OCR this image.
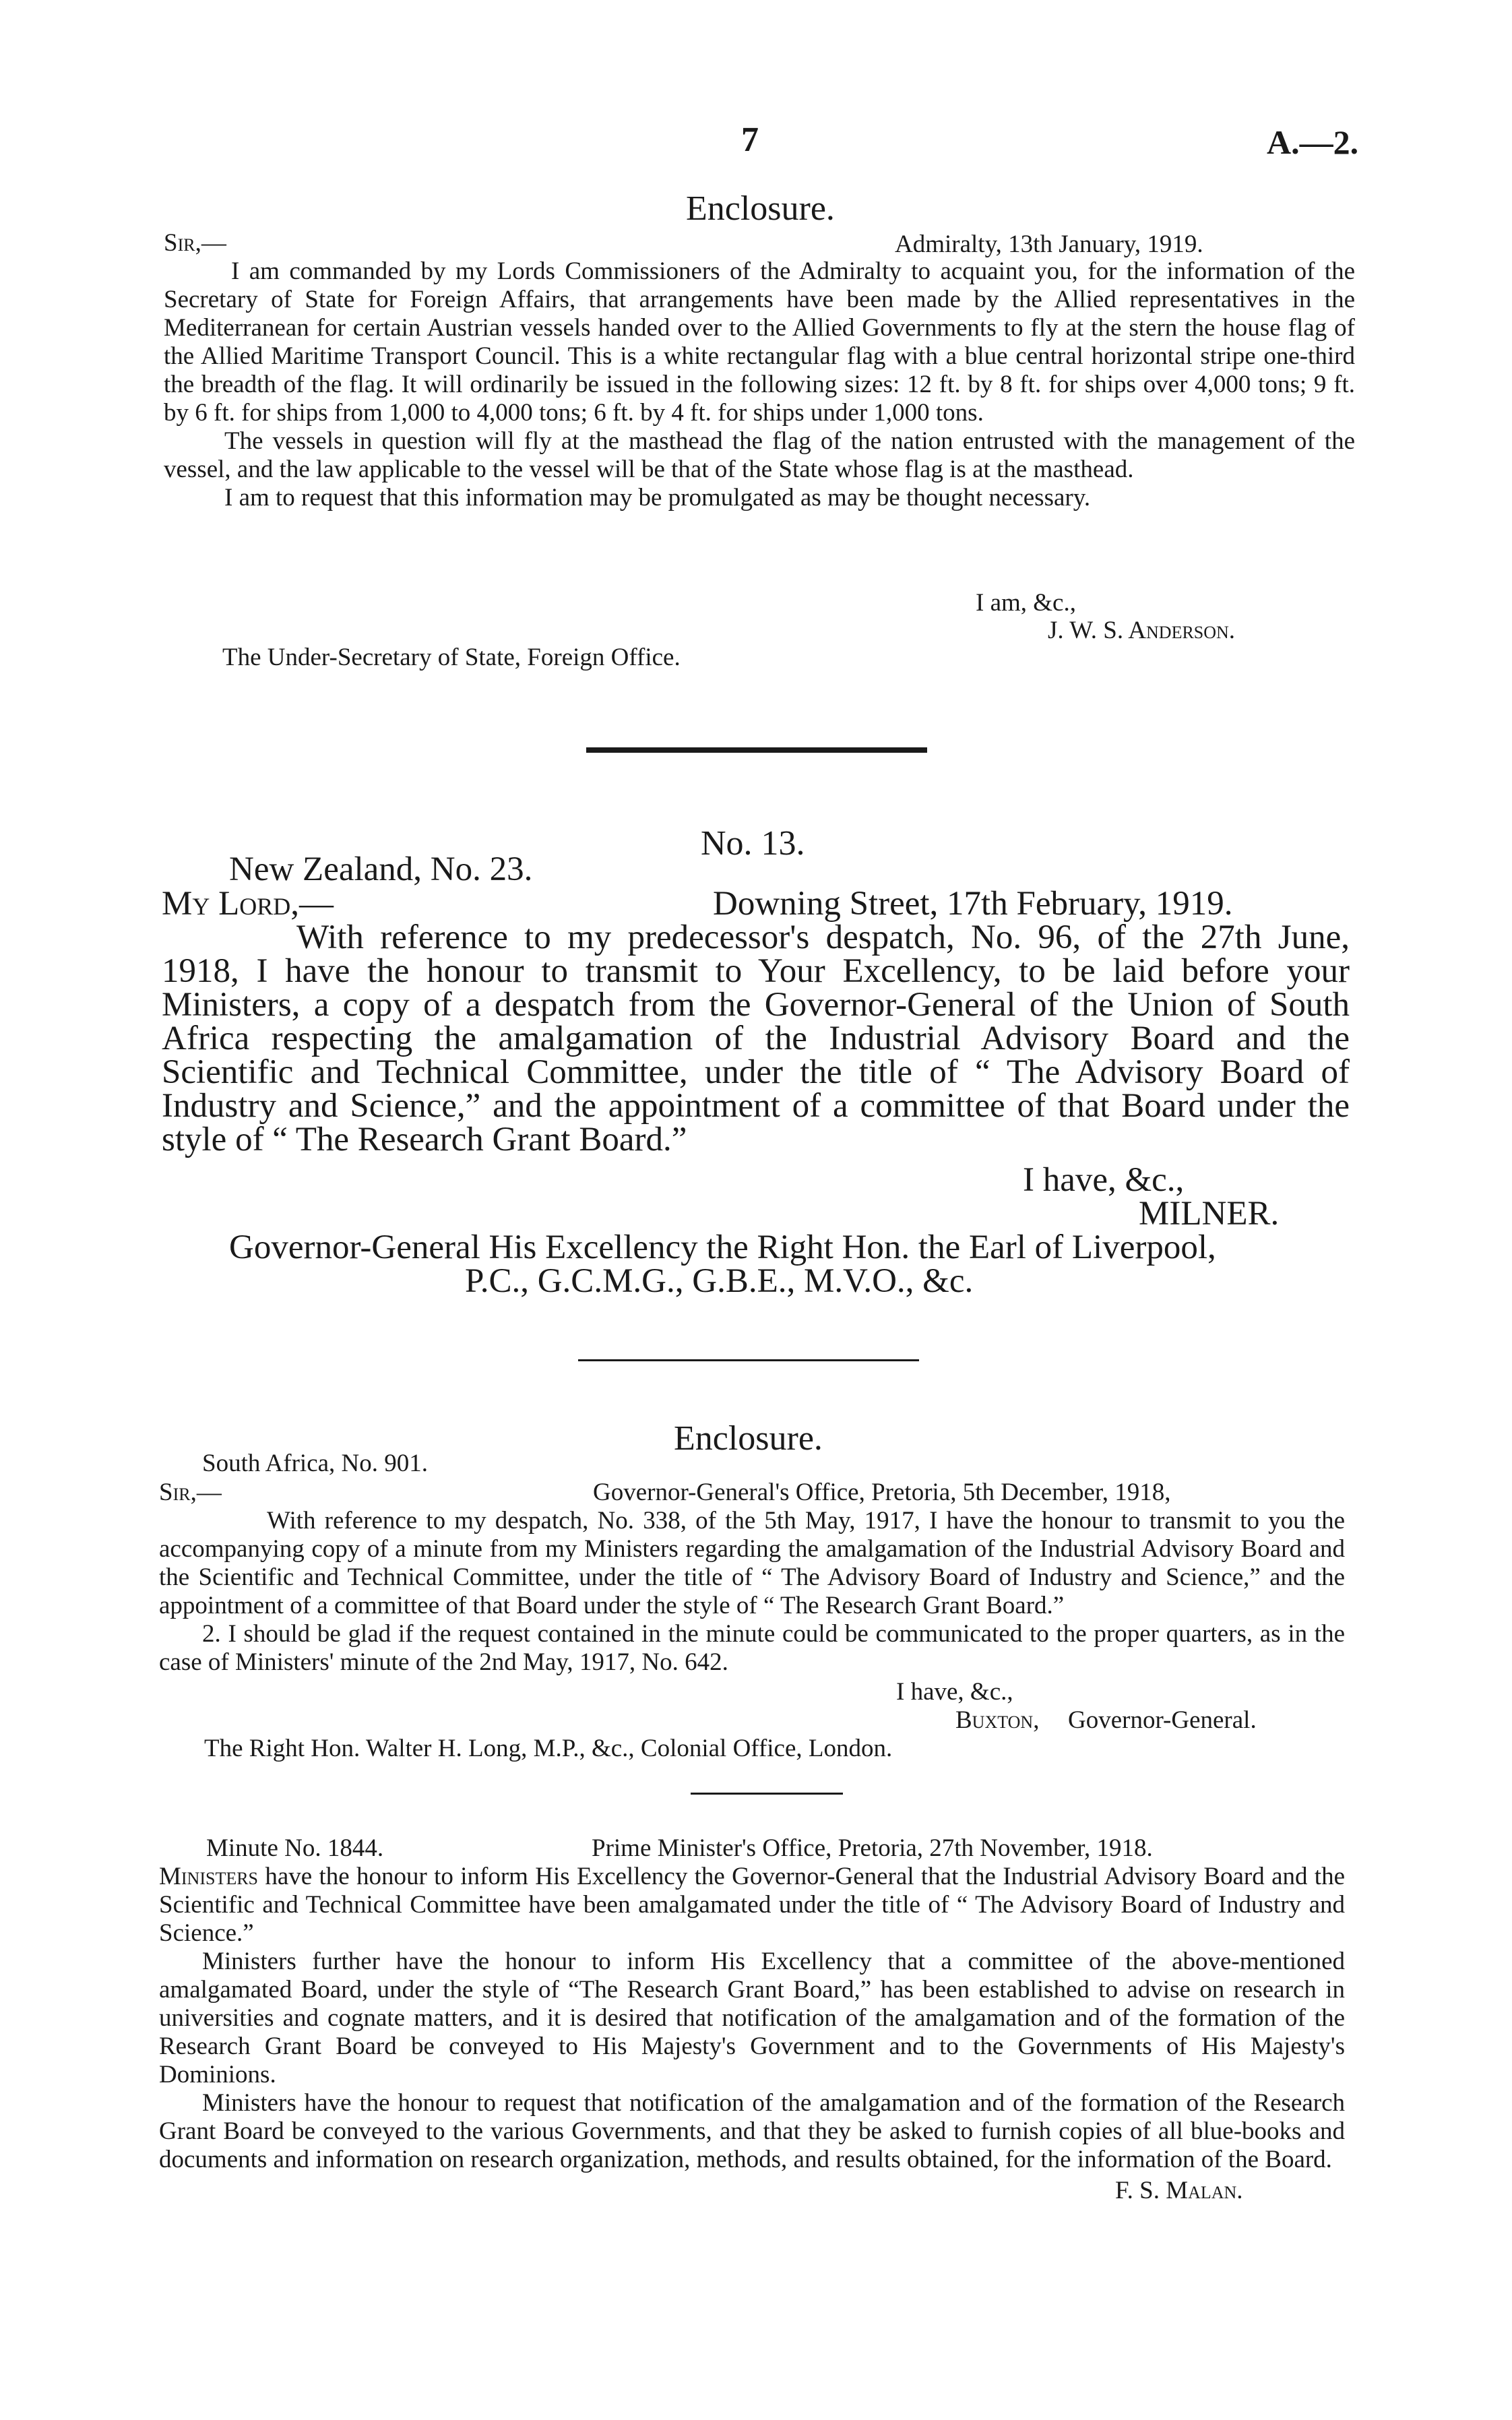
7	A.—2.
Enclosure.
Sir,—	Admiralty, 13th January, 1919.

I am commanded by my Lords Commissioners of the Admiralty to acquaint you, for the information of the Secretary of State for Foreign Affairs, that arrangements have been made by the Allied representatives in the Mediterranean for certain Austrian vessels handed over to the Allied Governments to fly at the stern the house flag of the Allied Maritime Transport Council. This is a white rectangular flag with a blue central horizontal stripe one-third the breadth of the flag. It will ordinarily be issued in the following sizes: 12 ft. by 8 ft. for ships over 4,000 tons; 9 ft. by 6 ft. for ships from 1,000 to 4,000 tons; 6 ft. by 4 ft. for ships under 1,000 tons.

The vessels in question will fly at the masthead the flag of the nation entrusted with the management of the vessel, and the law applicable to the vessel will be that of the State whose flag is at the masthead.

I am to request that this information may be promulgated as may be thought necessary.

I am, &c.,
J. W. S. Anderson.
The Under-Secretary of State, Foreign Office.
No. 13.
New Zealand, No. 23.
My Lord,—	Downing Street, 17th February, 1919.

With reference to my predecessor's despatch, No. 96, of the 27th June, 1918, I have the honour to transmit to Your Excellency, to be laid before your Ministers, a copy of a despatch from the Governor-General of the Union of South Africa respecting the amalgamation of the Industrial Advisory Board and the Scientific and Technical Committee, under the title of “ The Advisory Board of Industry and Science,” and the appointment of a committee of that Board under the style of “ The Research Grant Board.”

I have, &c.,
MILNER.
Governor-General His Excellency the Right Hon. the Earl of Liverpool,
P.C., G.C.M.G., G.B.E., M.V.O., &c.
Enclosure.
South Africa, No. 901.
Sir,—	Governor-General's Office, Pretoria, 5th December, 1918,

With reference to my despatch, No. 338, of the 5th May, 1917, I have the honour to transmit to you the accompanying copy of a minute from my Ministers regarding the amalgamation of the Industrial Advisory Board and the Scientific and Technical Committee, under the title of “ The Advisory Board of Industry and Science,” and the appointment of a committee of that Board under the style of “ The Research Grant Board.”

2. I should be glad if the request contained in the minute could be communicated to the proper quarters, as in the case of Ministers' minute of the 2nd May, 1917, No. 642.

I have, &c.,
Buxton, Governor-General.
The Right Hon. Walter H. Long, M.P., &c., Colonial Office, London.
Minute No. 1844.	Prime Minister's Office, Pretoria, 27th November, 1918.

Ministers have the honour to inform His Excellency the Governor-General that the Industrial Advisory Board and the Scientific and Technical Committee have been amalgamated under the title of “ The Advisory Board of Industry and Science.”

Ministers further have the honour to inform His Excellency that a committee of the above-mentioned amalgamated Board, under the style of “The Research Grant Board,” has been established to advise on research in universities and cognate matters, and it is desired that notification of the amalgamation and of the formation of the Research Grant Board be conveyed to His Majesty's Government and to the Governments of His Majesty's Dominions.

Ministers have the honour to request that notification of the amalgamation and of the formation of the Research Grant Board be conveyed to the various Governments, and that they be asked to furnish copies of all blue-books and documents and information on research organization, methods, and results obtained, for the information of the Board.

F. S. Malan.
